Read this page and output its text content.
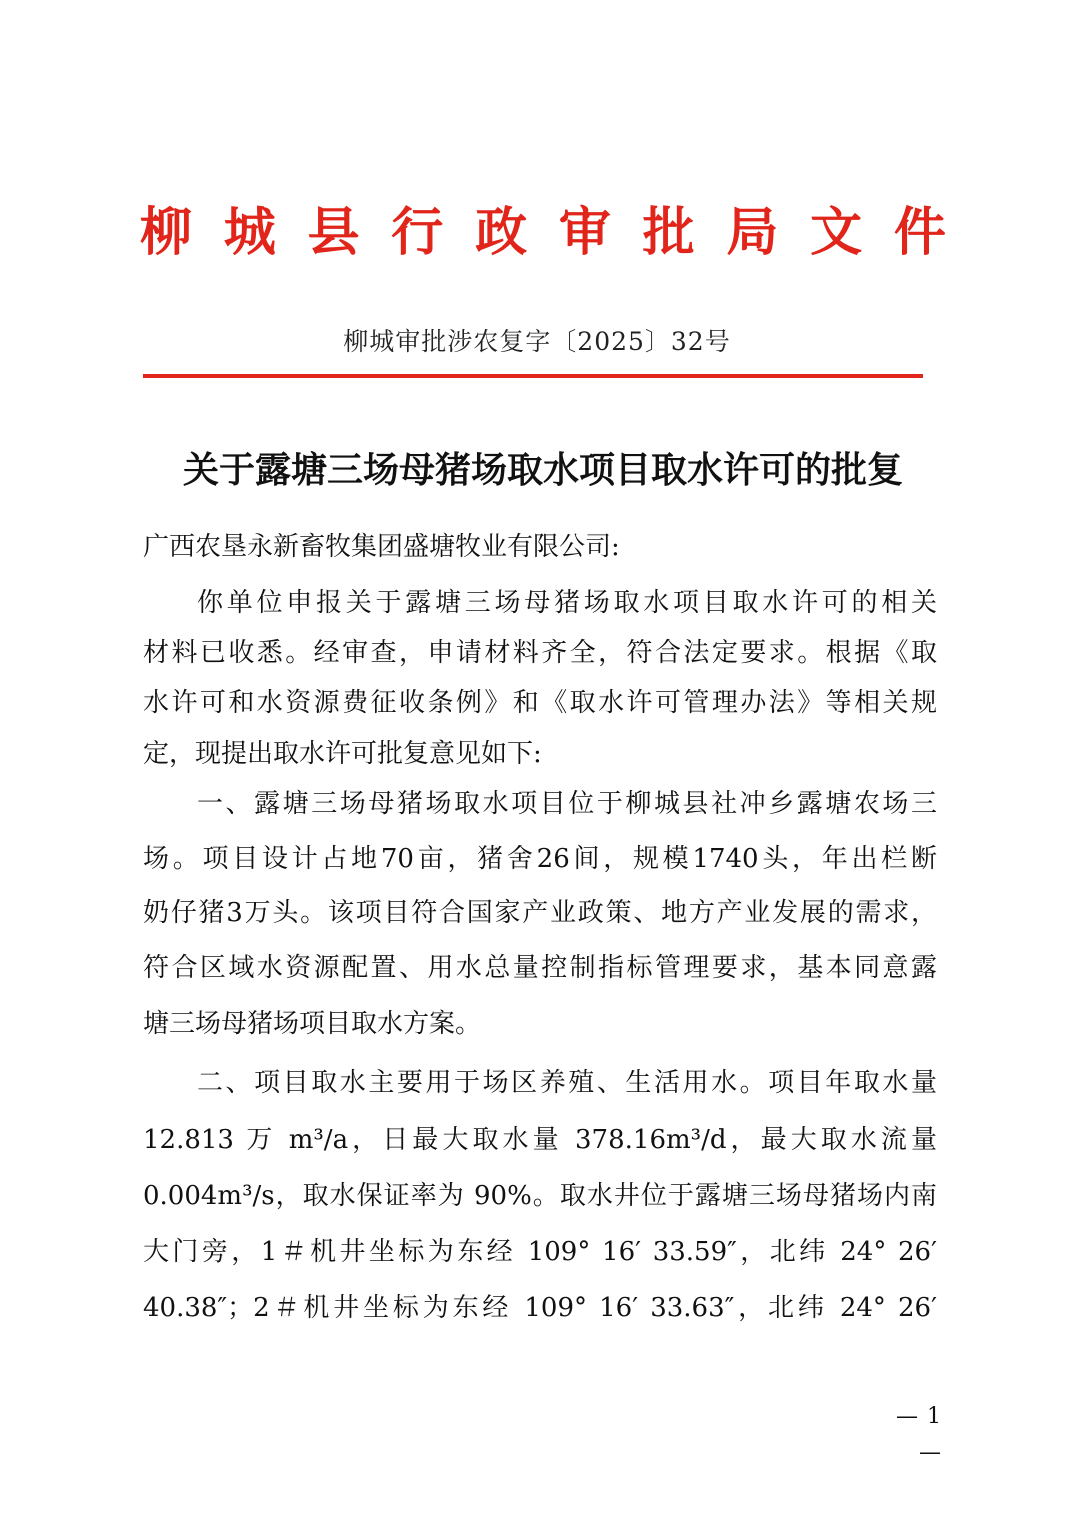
柳 城 县 行 政 审 批 局 文 件
柳城审批涉农复字〔2025〕32号
关于露塘三场母猪场取水项目取水许可的批复
广西农垦永新畜牧集团盛塘牧业有限公司:
你单位申报关于露塘三场母猪场取水项目取水许可的相关
材料已收悉。经审查，申请材料齐全，符合法定要求。根据《取
水许可和水资源费征收条例》和《取水许可管理办法》等相关规
定，现提出取水许可批复意见如下:
一、露塘三场母猪场取水项目位于柳城县社冲乡露塘农场三
场。项目设计占地70亩，猪舍26间，规模1740头，年出栏断
奶仔猪3万头。该项目符合国家产业政策、地方产业发展的需求，
符合区域水资源配置、用水总量控制指标管理要求，基本同意露
塘三场母猪场项目取水方案。
二、项目取水主要用于场区养殖、生活用水。项目年取水量
12.813 万 m³/a，日最大取水量 378.16m³/d，最大取水流量
0.004m³/s，取水保证率为 90%。取水井位于露塘三场母猪场内南
大门旁，1＃机井坐标为东经 109° 16′ 33.59″，北纬 24° 26′
40.38″；2＃机井坐标为东经 109° 16′ 33.63″，北纬 24° 26′
— 1 —
